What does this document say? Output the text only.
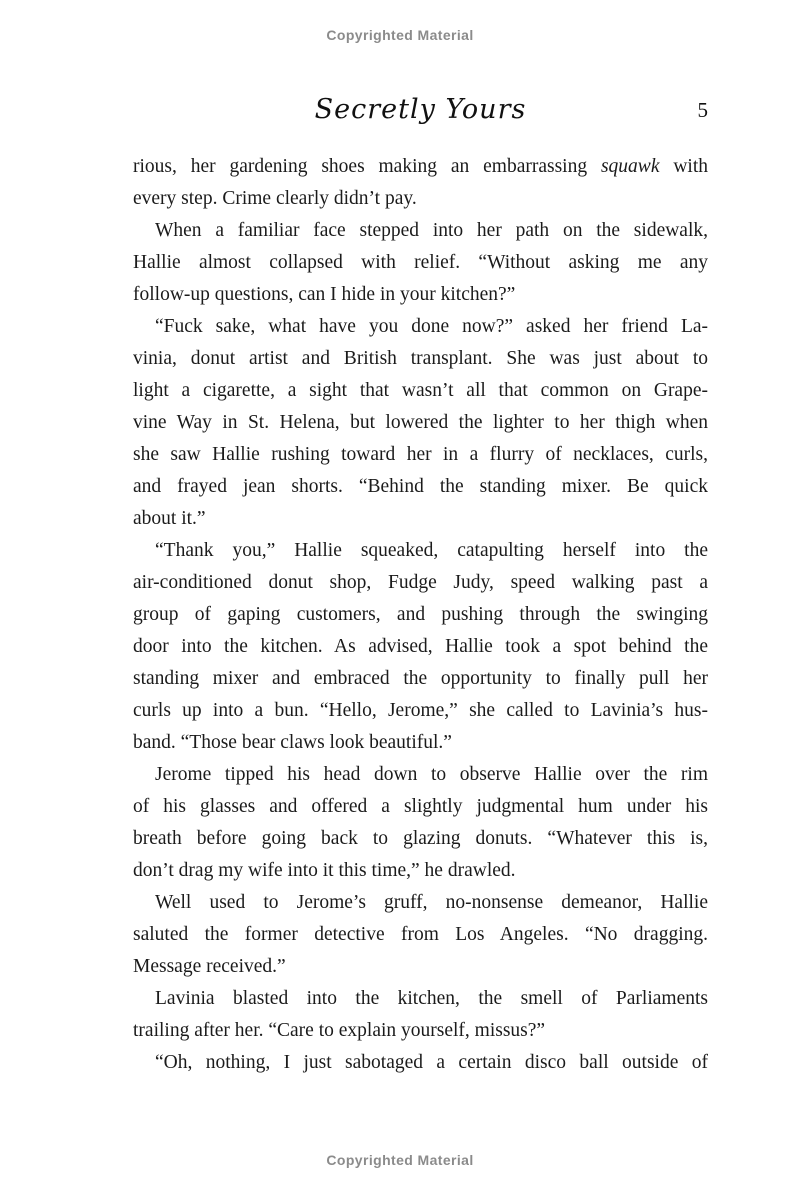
Copyrighted Material
Secretly Yours	5
rious, her gardening shoes making an embarrassing squawk with
every step. Crime clearly didn’t pay.
When a familiar face stepped into her path on the sidewalk,
Hallie almost collapsed with relief. “Without asking me any
follow-up questions, can I hide in your kitchen?”
“Fuck sake, what have you done now?” asked her friend La-
vinia, donut artist and British transplant. She was just about to
light a cigarette, a sight that wasn’t all that common on Grape-
vine Way in St. Helena, but lowered the lighter to her thigh when
she saw Hallie rushing toward her in a flurry of necklaces, curls,
and frayed jean shorts. “Behind the standing mixer. Be quick
about it.”
“Thank you,” Hallie squeaked, catapulting herself into the
air-conditioned donut shop, Fudge Judy, speed walking past a
group of gaping customers, and pushing through the swinging
door into the kitchen. As advised, Hallie took a spot behind the
standing mixer and embraced the opportunity to finally pull her
curls up into a bun. “Hello, Jerome,” she called to Lavinia’s hus-
band. “Those bear claws look beautiful.”
Jerome tipped his head down to observe Hallie over the rim
of his glasses and offered a slightly judgmental hum under his
breath before going back to glazing donuts. “Whatever this is,
don’t drag my wife into it this time,” he drawled.
Well used to Jerome’s gruff, no-nonsense demeanor, Hallie
saluted the former detective from Los Angeles. “No dragging.
Message received.”
Lavinia blasted into the kitchen, the smell of Parliaments
trailing after her. “Care to explain yourself, missus?”
“Oh, nothing, I just sabotaged a certain disco ball outside of
Copyrighted Material
